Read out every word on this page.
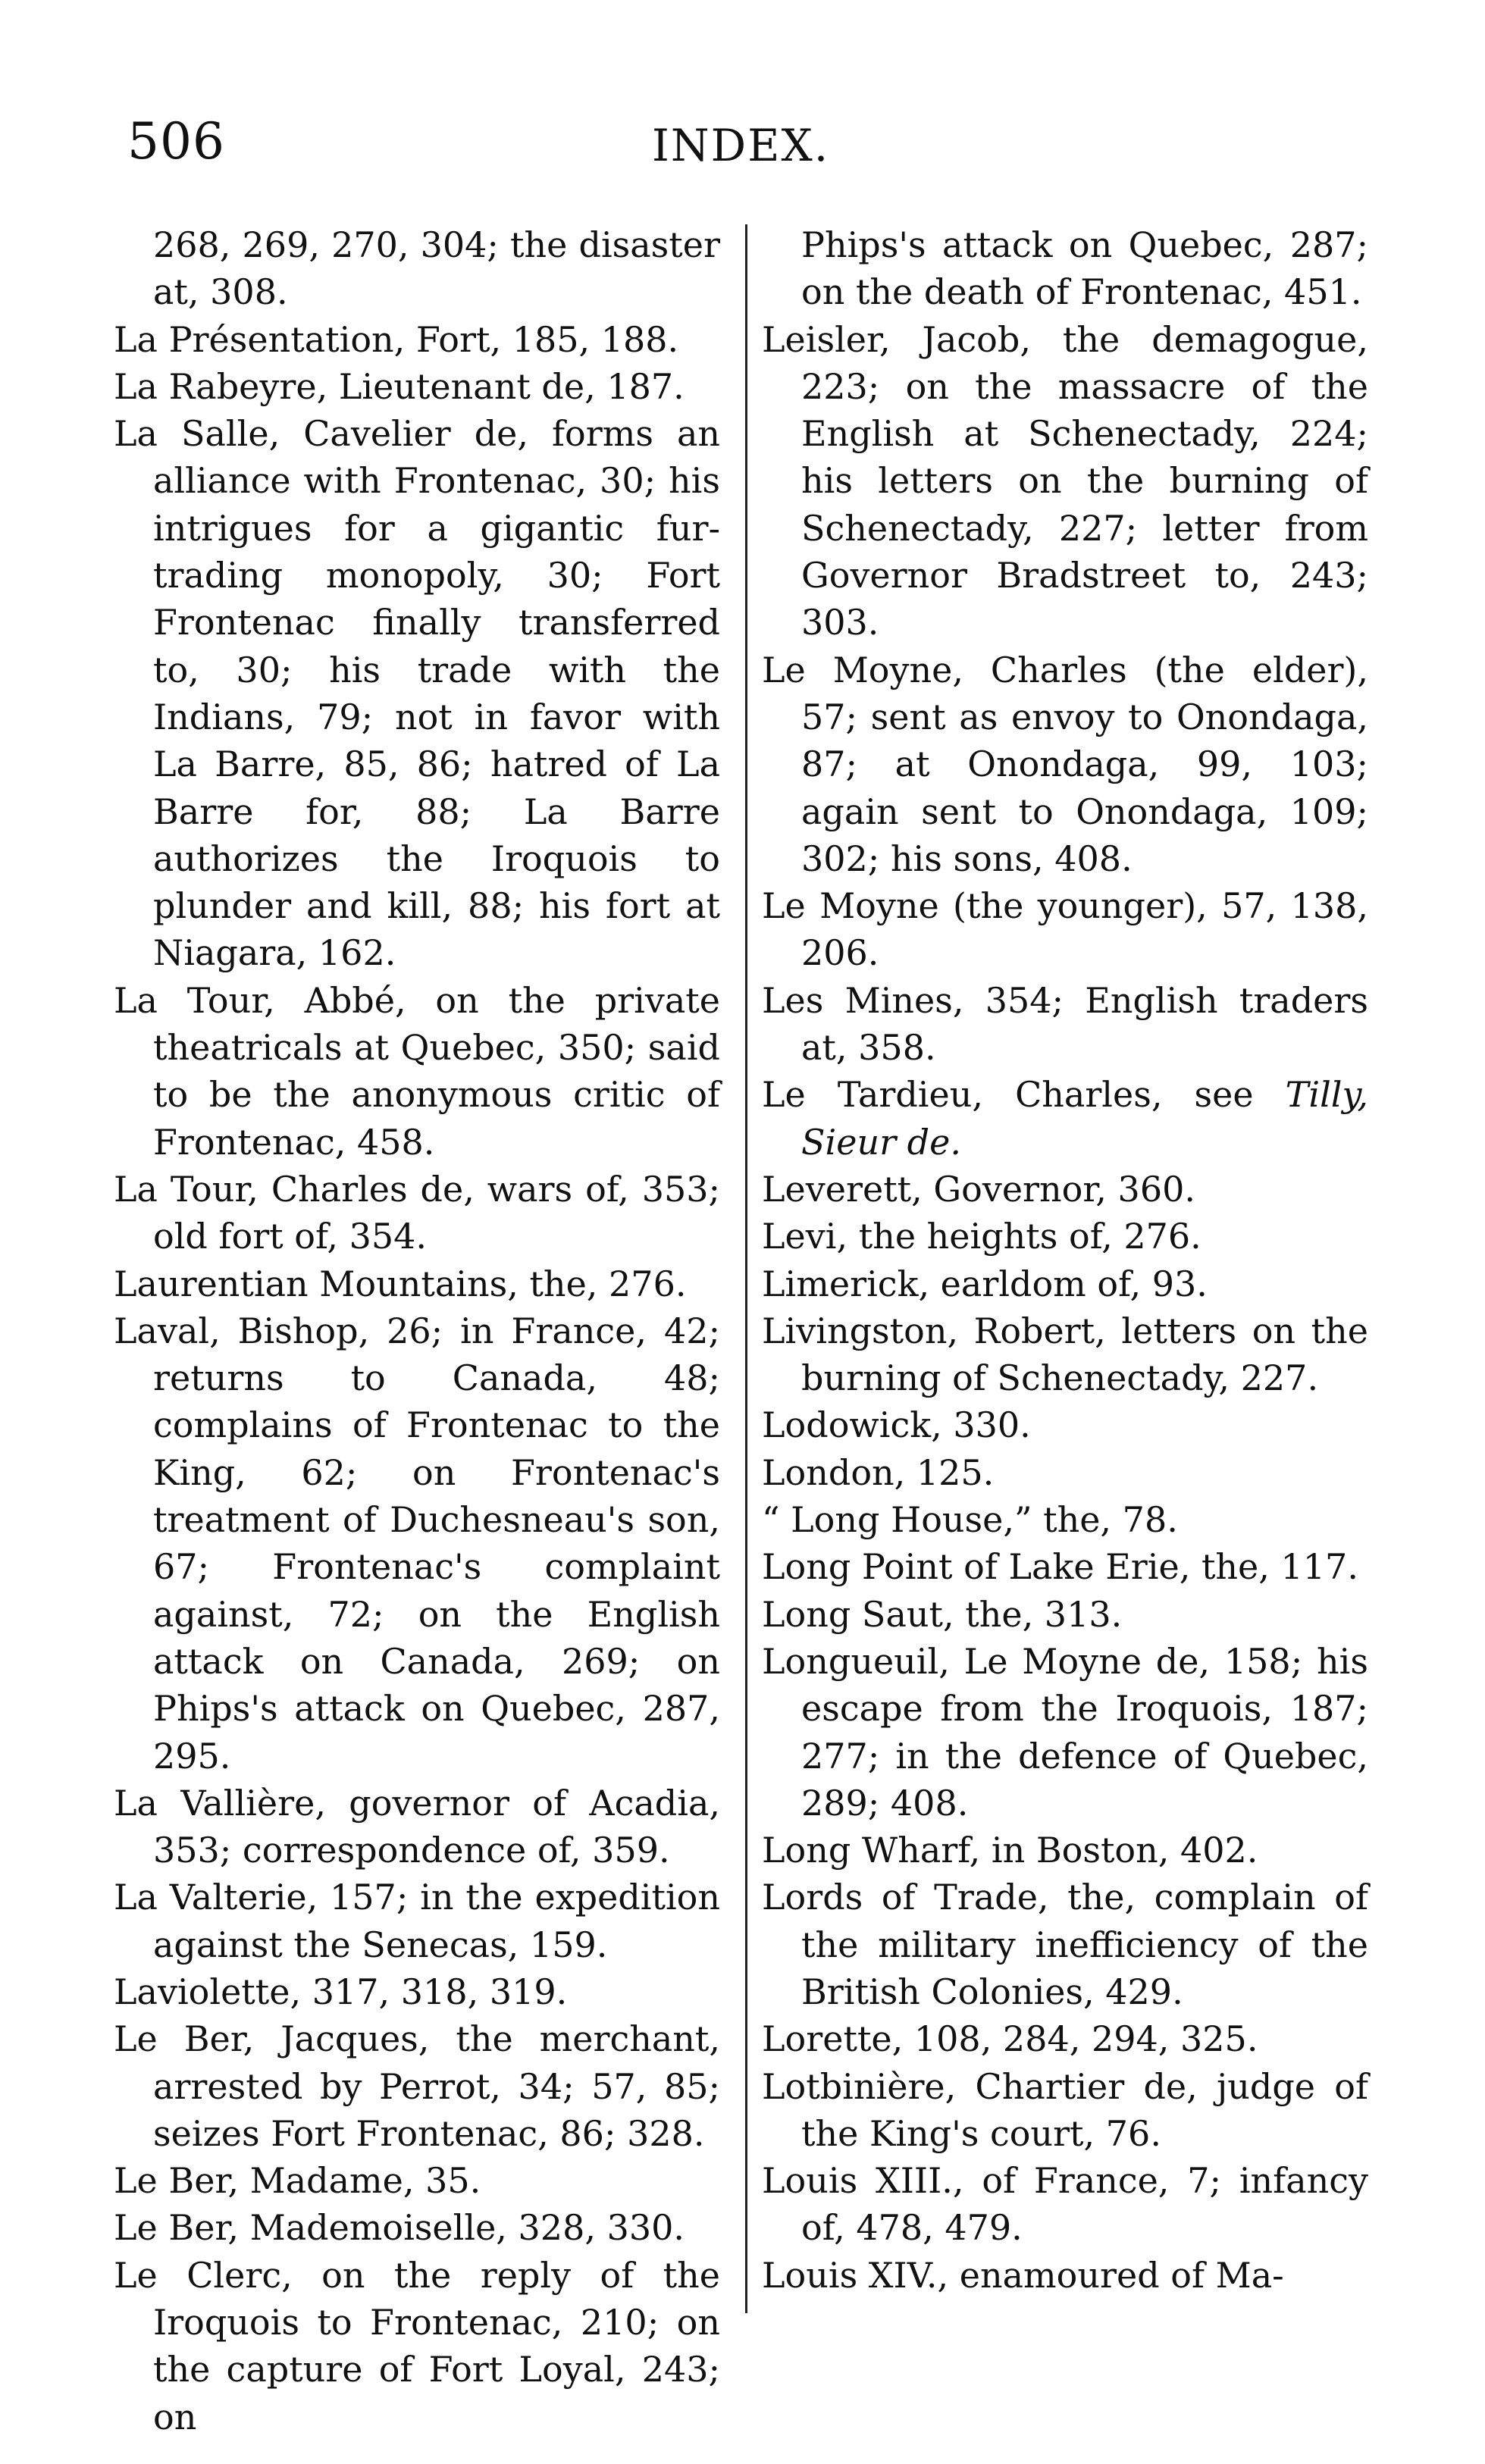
506	INDEX.
268, 269, 270, 304; the disaster at, 308.
La Présentation, Fort, 185, 188.
La Rabeyre, Lieutenant de, 187.
La Salle, Cavelier de, forms an alliance with Frontenac, 30; his intrigues for a gigantic fur-trading monopoly, 30; Fort Frontenac finally transferred to, 30; his trade with the Indians, 79; not in favor with La Barre, 85, 86; hatred of La Barre for, 88; La Barre authorizes the Iroquois to plunder and kill, 88; his fort at Niagara, 162.
La Tour, Abbé, on the private theatricals at Quebec, 350; said to be the anonymous critic of Frontenac, 458.
La Tour, Charles de, wars of, 353; old fort of, 354.
Laurentian Mountains, the, 276.
Laval, Bishop, 26; in France, 42; returns to Canada, 48; complains of Frontenac to the King, 62; on Frontenac's treatment of Duchesneau's son, 67; Frontenac's complaint against, 72; on the English attack on Canada, 269; on Phips's attack on Quebec, 287, 295.
La Vallière, governor of Acadia, 353; correspondence of, 359.
La Valterie, 157; in the expedition against the Senecas, 159.
Laviolette, 317, 318, 319.
Le Ber, Jacques, the merchant, arrested by Perrot, 34; 57, 85; seizes Fort Frontenac, 86; 328.
Le Ber, Madame, 35.
Le Ber, Mademoiselle, 328, 330.
Le Clerc, on the reply of the Iroquois to Frontenac, 210; on the capture of Fort Loyal, 243; on
Phips's attack on Quebec, 287; on the death of Frontenac, 451.
Leisler, Jacob, the demagogue, 223; on the massacre of the English at Schenectady, 224; his letters on the burning of Schenectady, 227; letter from Governor Bradstreet to, 243; 303.
Le Moyne, Charles (the elder), 57; sent as envoy to Onondaga, 87; at Onondaga, 99, 103; again sent to Onondaga, 109; 302; his sons, 408.
Le Moyne (the younger), 57, 138, 206.
Les Mines, 354; English traders at, 358.
Le Tardieu, Charles, see Tilly, Sieur de.
Leverett, Governor, 360.
Levi, the heights of, 276.
Limerick, earldom of, 93.
Livingston, Robert, letters on the burning of Schenectady, 227.
Lodowick, 330.
London, 125.
“ Long House,” the, 78.
Long Point of Lake Erie, the, 117.
Long Saut, the, 313.
Longueuil, Le Moyne de, 158; his escape from the Iroquois, 187; 277; in the defence of Quebec, 289; 408.
Long Wharf, in Boston, 402.
Lords of Trade, the, complain of the military inefficiency of the British Colonies, 429.
Lorette, 108, 284, 294, 325.
Lotbinière, Chartier de, judge of the King's court, 76.
Louis XIII., of France, 7; infancy of, 478, 479.
Louis XIV., enamoured of Ma-
